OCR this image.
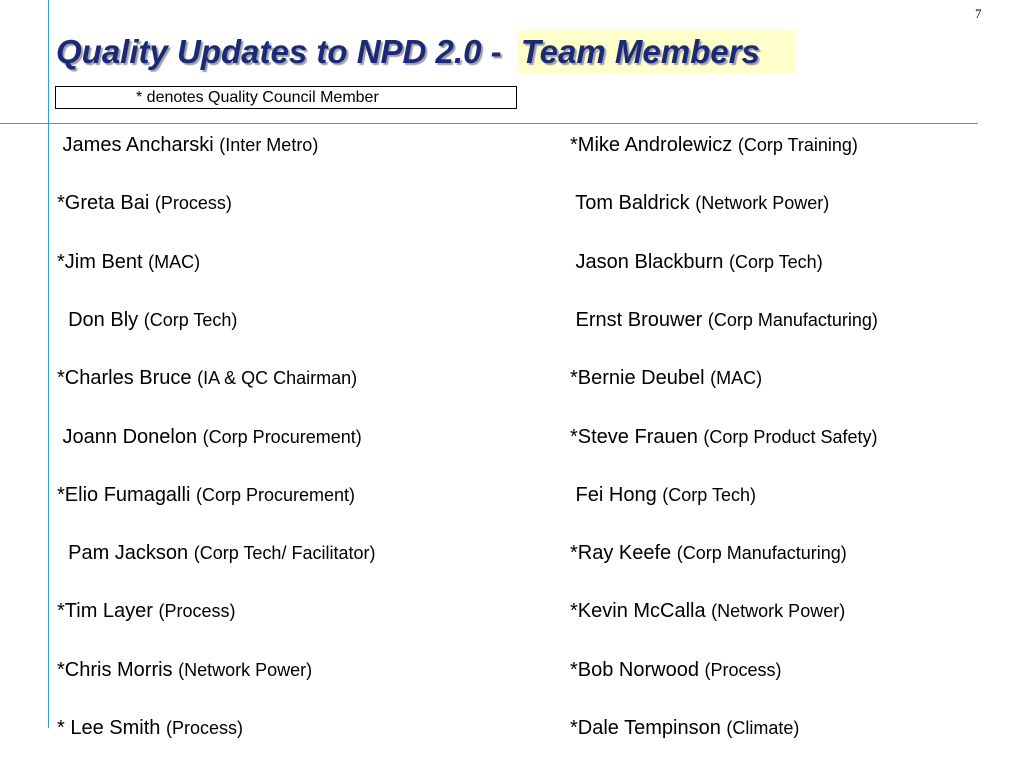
7
Quality Updates to NPD 2.0 - Team Members
* denotes Quality Council Member
James Ancharski (Inter Metro)
*Greta Bai (Process)
*Jim Bent (MAC)
Don Bly (Corp Tech)
*Charles Bruce (IA & QC Chairman)
Joann Donelon (Corp Procurement)
*Elio Fumagalli (Corp Procurement)
Pam Jackson (Corp Tech/ Facilitator)
*Tim Layer (Process)
*Chris Morris (Network Power)
* Lee Smith (Process)
*Mike Androlewicz (Corp Training)
Tom Baldrick (Network Power)
Jason Blackburn (Corp Tech)
Ernst Brouwer (Corp Manufacturing)
*Bernie Deubel (MAC)
*Steve Frauen (Corp Product Safety)
Fei Hong (Corp Tech)
*Ray Keefe (Corp Manufacturing)
*Kevin McCalla (Network Power)
*Bob Norwood (Process)
*Dale Tempinson (Climate)
